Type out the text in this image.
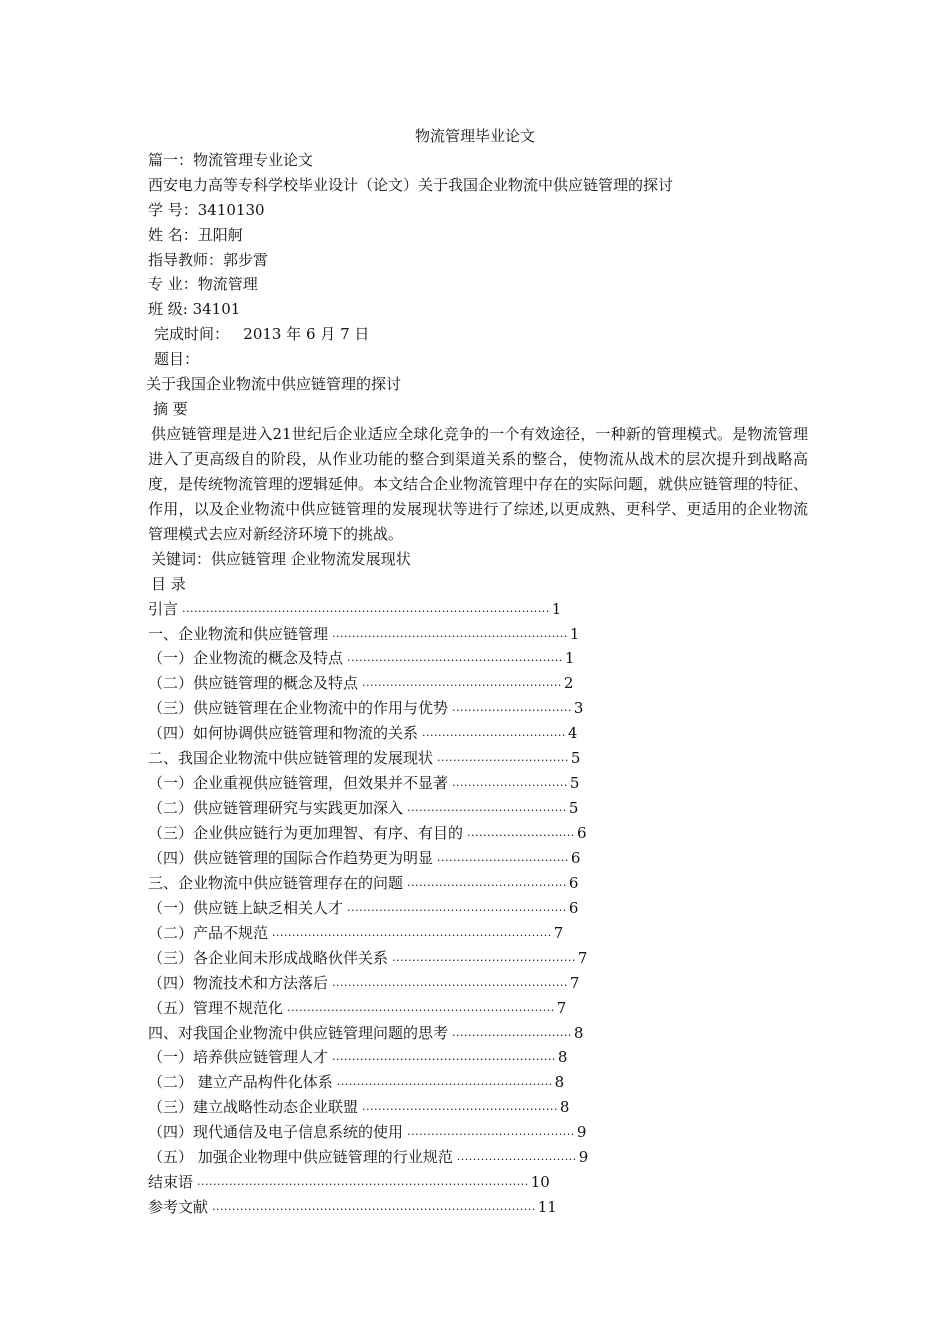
物流管理毕业论文
篇一：物流管理专业论文
西安电力高等专科学校毕业设计（论文）关于我国企业物流中供应链管理的探讨
学 号：3410130
姓 名：丑阳舸
指导教师：郭步霄
专 业：物流管理
班 级: 34101
完成时间：   2013 年 6 月 7 日
题目：
关于我国企业物流中供应链管理的探讨
摘 要

供应链管理是进入21世纪后企业适应全球化竞争的一个有效途径，一种新的管理模式。是物流管理进入了更高级自的阶段，从作业功能的整合到渠道关系的整合，使物流从战术的层次提升到战略高度，是传统物流管理的逻辑延伸。本文结合企业物流管理中存在的实际问题，就供应链管理的特征、作用，以及企业物流中供应链管理的发展现状等进行了综述,以更成熟、更科学、更适用的企业物流管理模式去应对新经济环境下的挑战。

关键词：供应链管理 企业物流发展现状
目 录
引言 ............................................................................................ 1
一、企业物流和供应链管理 ........................................................... 1
（一）企业物流的概念及特点 ...................................................... 1
（二）供应链管理的概念及特点 .................................................. 2
（三）供应链管理在企业物流中的作用与优势 .............................. 3
（四）如何协调供应链管理和物流的关系 .................................... 4
二、我国企业物流中供应链管理的发展现状 ................................. 5
（一）企业重视供应链管理，但效果并不显著 ............................. 5
（二）供应链管理研究与实践更加深入 ........................................ 5
（三）企业供应链行为更加理智、有序、有目的 ........................... 6
（四）供应链管理的国际合作趋势更为明显 ................................. 6
三、企业物流中供应链管理存在的问题 ........................................ 6
（一）供应链上缺乏相关人才 ....................................................... 6
（二）产品不规范 ...................................................................... 7
（三）各企业间未形成战略伙伴关系 .............................................. 7
（四）物流技术和方法落后 ........................................................... 7
（五）管理不规范化 ................................................................... 7
四、对我国企业物流中供应链管理问题的思考 .............................. 8
（一）培养供应链管理人才 ........................................................ 8
（二） 建立产品构件化体系 ...................................................... 8
（三）建立战略性动态企业联盟 ................................................. 8
（四）现代通信及电子信息系统的使用 .......................................... 9
（五） 加强企业物理中供应链管理的行业规范 .............................. 9
结束语 ................................................................................... 10
参考文献 ................................................................................. 11
